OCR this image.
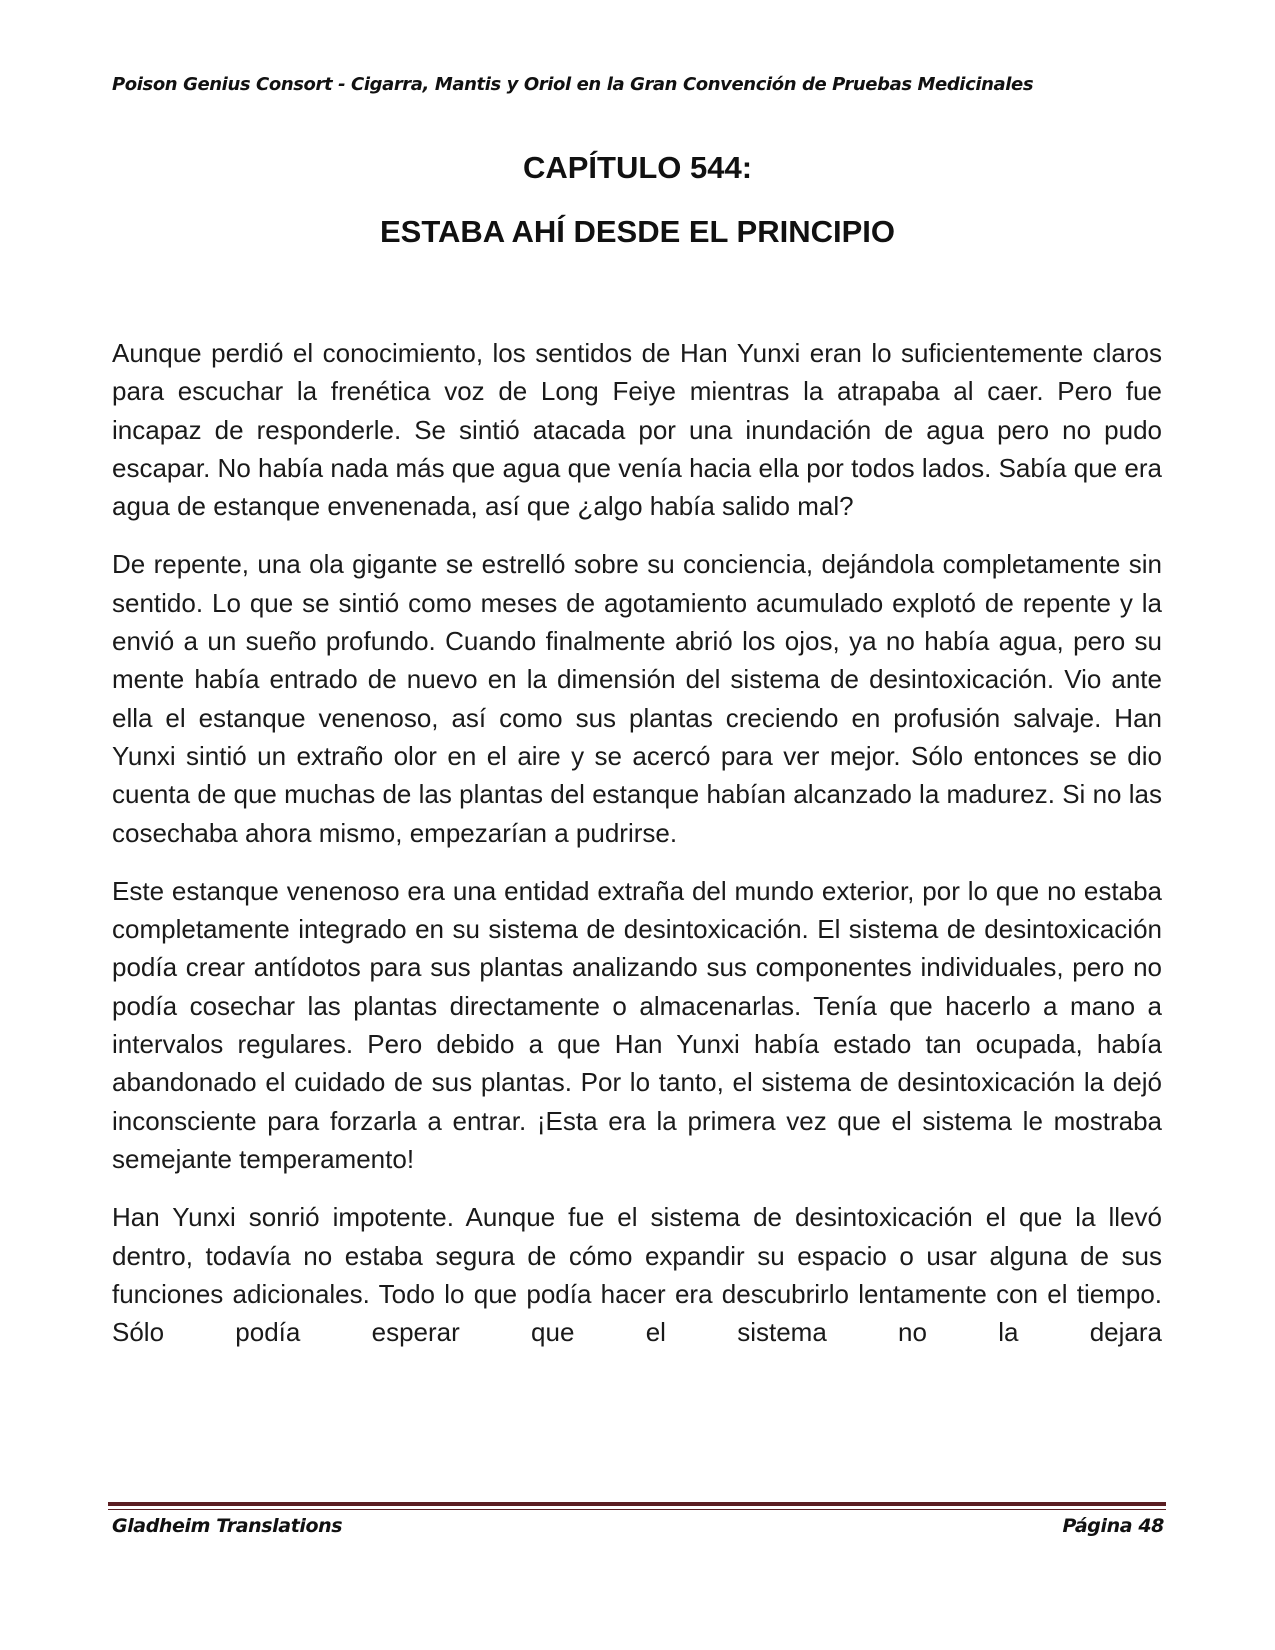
Poison Genius Consort - Cigarra, Mantis y Oriol en la Gran Convención de Pruebas Medicinales
CAPÍTULO 544:
ESTABA AHÍ DESDE EL PRINCIPIO

Aunque perdió el conocimiento, los sentidos de Han Yunxi eran lo suficientemente claros para escuchar la frenética voz de Long Feiye mientras la atrapaba al caer. Pero fue incapaz de responderle. Se sintió atacada por una inundación de agua pero no pudo escapar. No había nada más que agua que venía hacia ella por todos lados. Sabía que era agua de estanque envenenada, así que ¿algo había salido mal?

De repente, una ola gigante se estrelló sobre su conciencia, dejándola completamente sin sentido. Lo que se sintió como meses de agotamiento acumulado explotó de repente y la envió a un sueño profundo. Cuando finalmente abrió los ojos, ya no había agua, pero su mente había entrado de nuevo en la dimensión del sistema de desintoxicación. Vio ante ella el estanque venenoso, así como sus plantas creciendo en profusión salvaje. Han Yunxi sintió un extraño olor en el aire y se acercó para ver mejor. Sólo entonces se dio cuenta de que muchas de las plantas del estanque habían alcanzado la madurez. Si no las cosechaba ahora mismo, empezarían a pudrirse.

Este estanque venenoso era una entidad extraña del mundo exterior, por lo que no estaba completamente integrado en su sistema de desintoxicación. El sistema de desintoxicación podía crear antídotos para sus plantas analizando sus componentes individuales, pero no podía cosechar las plantas directamente o almacenarlas. Tenía que hacerlo a mano a intervalos regulares. Pero debido a que Han Yunxi había estado tan ocupada, había abandonado el cuidado de sus plantas. Por lo tanto, el sistema de desintoxicación la dejó inconsciente para forzarla a entrar. ¡Esta era la primera vez que el sistema le mostraba semejante temperamento!

Han Yunxi sonrió impotente. Aunque fue el sistema de desintoxicación el que la llevó dentro, todavía no estaba segura de cómo expandir su espacio o usar alguna de sus funciones adicionales. Todo lo que podía hacer era descubrirlo lentamente con el tiempo. Sólo podía esperar que el sistema no la dejara

Gladheim Translations	Página 48
